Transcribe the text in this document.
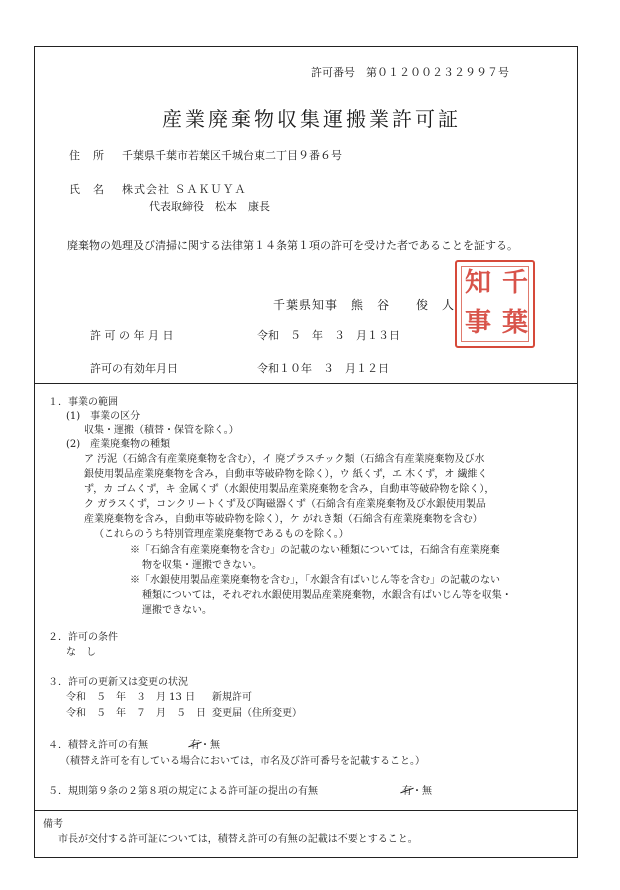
許可番号　第０１２００２３２９９７号
産業廃棄物収集運搬業許可証
住　所 千葉県千葉市若葉区千城台東二丁目９番６号
氏　名 株式会社 ＳＡＫＵＹＡ
代表取締役　松本　康長
廃棄物の処理及び清掃に関する法律第１４条第１項の許可を受けた者であることを証する。
知 千
事 葉
千葉県知事　熊　谷　　俊　人
許 可 の 年 月 日	令和　５　年　３　月１３日
許可の有効年月日	令和１０年　３　月１２日
１．事業の範囲
(1)　事業の区分
収集・運搬（積替・保管を除く。）
(2)　産業廃棄物の種類
ア 汚泥（石綿含有産業廃棄物を含む），イ 廃プラスチック類（石綿含有産業廃棄物及び水
銀使用製品産業廃棄物を含み，自動車等破砕物を除く），ウ 紙くず，エ 木くず，オ 繊維く
ず，カ ゴムくず，キ 金属くず（水銀使用製品産業廃棄物を含み，自動車等破砕物を除く），
ク ガラスくず，コンクリートくず及び陶磁器くず（石綿含有産業廃棄物及び水銀使用製品
産業廃棄物を含み，自動車等破砕物を除く），ケ がれき類（石綿含有産業廃棄物を含む）
（これらのうち特別管理産業廃棄物であるものを除く。）
※「石綿含有産業廃棄物を含む」の記載のない種類については，石綿含有産業廃棄
物を収集・運搬できない。
※「水銀使用製品産業廃棄物を含む」，「水銀含有ばいじん等を含む」の記載のない
種類については，それぞれ水銀使用製品産業廃棄物，水銀含有ばいじん等を収集・
運搬できない。
２．許可の条件
な　し
３．許可の更新又は変更の状況
令和　５　年　３　月 13 日 新規許可
令和　５　年　７　月　５　日 変更届（住所変更）
４．積替え許可の有無	有・無
（積替え許可を有している場合においては，市名及び許可番号を記載すること。）
５．規則第９条の２第８項の規定による許可証の提出の有無	有・無
備考
市長が交付する許可証については，積替え許可の有無の記載は不要とすること。
